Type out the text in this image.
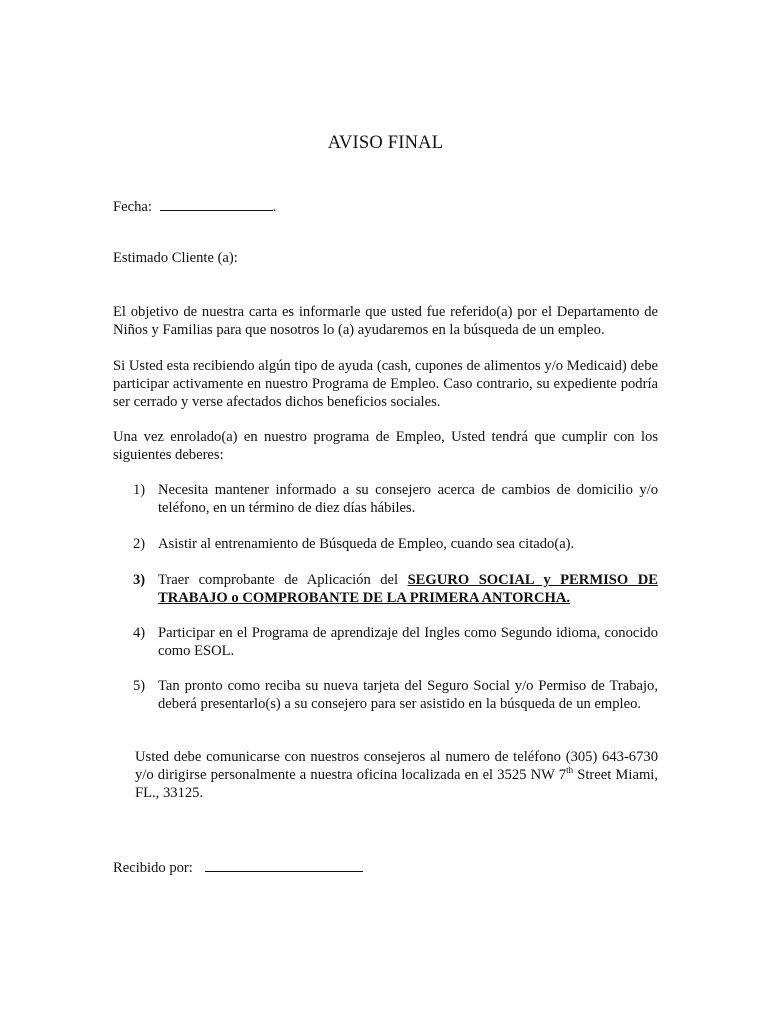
AVISO FINAL
Fecha:	.
Estimado Cliente (a):
El objetivo de nuestra carta es informarle que usted fue referido(a) por el Departamento de Niños y Familias para que nosotros lo (a) ayudaremos en la búsqueda de un empleo.
Si Usted esta recibiendo algún tipo de ayuda (cash, cupones de alimentos y/o Medicaid) debe participar activamente en nuestro Programa de Empleo. Caso contrario, su expediente podría ser cerrado y verse afectados dichos beneficios sociales.
Una vez enrolado(a) en nuestro programa de Empleo, Usted tendrá que cumplir con los siguientes deberes:
1) Necesita mantener informado a su consejero acerca de cambios de domicilio y/o teléfono, en un término de diez días hábiles.
2) Asistir al entrenamiento de Búsqueda de Empleo, cuando sea citado(a).
3) Traer comprobante de Aplicación del SEGURO SOCIAL y PERMISO DE TRABAJO o COMPROBANTE DE LA PRIMERA ANTORCHA.
4) Participar en el Programa de aprendizaje del Ingles como Segundo idioma, conocido como ESOL.
5) Tan pronto como reciba su nueva tarjeta del Seguro Social y/o Permiso de Trabajo, deberá presentarlo(s) a su consejero para ser asistido en la búsqueda de un empleo.
Usted debe comunicarse con nuestros consejeros al numero de teléfono (305) 643-6730 y/o dirigirse personalmente a nuestra oficina localizada en el 3525 NW 7th Street Miami, FL., 33125.
Recibido por:
